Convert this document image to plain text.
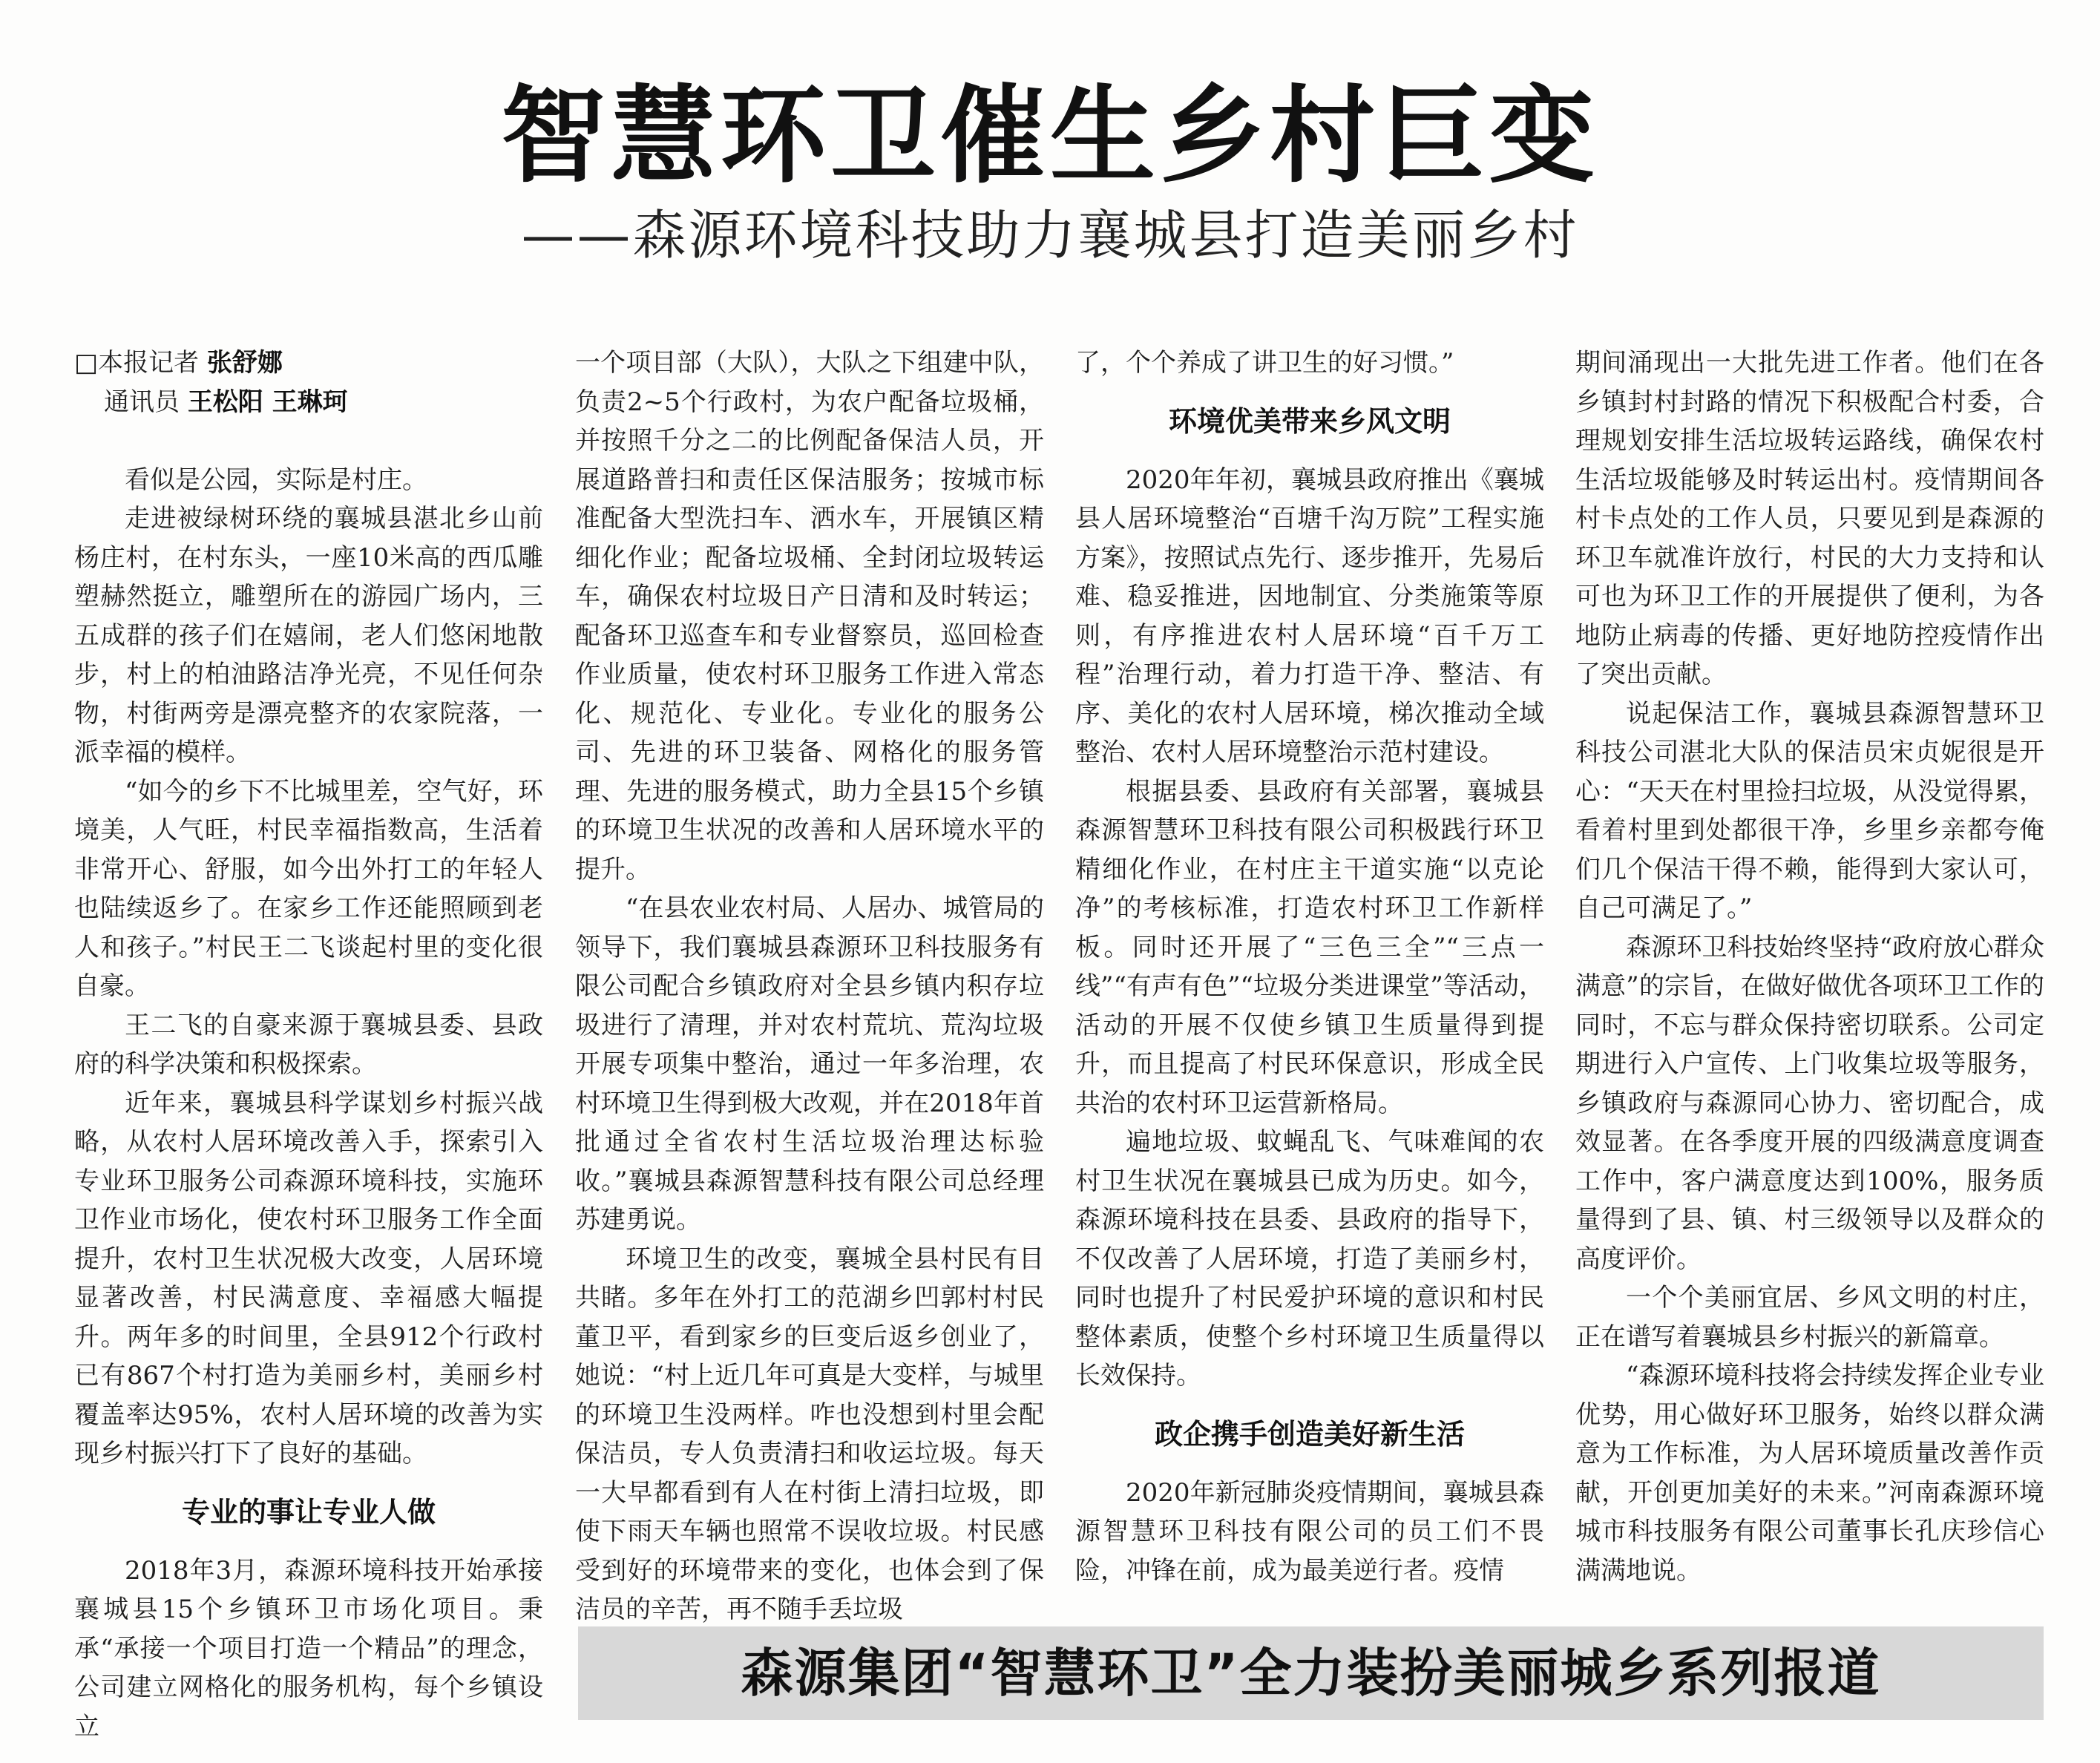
智慧环卫催生乡村巨变
——森源环境科技助力襄城县打造美丽乡村
□本报记者 张舒娜
通讯员 王松阳 王琳珂

看似是公园，实际是村庄。

走进被绿树环绕的襄城县湛北乡山前杨庄村，在村东头，一座10米高的西瓜雕塑赫然挺立，雕塑所在的游园广场内，三五成群的孩子们在嬉闹，老人们悠闲地散步，村上的柏油路洁净光亮，不见任何杂物，村街两旁是漂亮整齐的农家院落，一派幸福的模样。

“如今的乡下不比城里差，空气好，环境美，人气旺，村民幸福指数高，生活着非常开心、舒服，如今出外打工的年轻人也陆续返乡了。在家乡工作还能照顾到老人和孩子。”村民王二飞谈起村里的变化很自豪。

王二飞的自豪来源于襄城县委、县政府的科学决策和积极探索。

近年来，襄城县科学谋划乡村振兴战略，从农村人居环境改善入手，探索引入专业环卫服务公司森源环境科技，实施环卫作业市场化，使农村环卫服务工作全面提升，农村卫生状况极大改变，人居环境显著改善，村民满意度、幸福感大幅提升。两年多的时间里，全县912个行政村已有867个村打造为美丽乡村，美丽乡村覆盖率达95%，农村人居环境的改善为实现乡村振兴打下了良好的基础。

专业的事让专业人做

2018年3月，森源环境科技开始承接襄城县15个乡镇环卫市场化项目。秉承“承接一个项目打造一个精品”的理念，公司建立网格化的服务机构，每个乡镇设立

一个项目部（大队），大队之下组建中队，负责2~5个行政村，为农户配备垃圾桶，并按照千分之二的比例配备保洁人员，开展道路普扫和责任区保洁服务；按城市标准配备大型洗扫车、洒水车，开展镇区精细化作业；配备垃圾桶、全封闭垃圾转运车，确保农村垃圾日产日清和及时转运；配备环卫巡查车和专业督察员，巡回检查作业质量，使农村环卫服务工作进入常态化、规范化、专业化。专业化的服务公司、先进的环卫装备、网格化的服务管理、先进的服务模式，助力全县15个乡镇的环境卫生状况的改善和人居环境水平的提升。

“在县农业农村局、人居办、城管局的领导下，我们襄城县森源环卫科技服务有限公司配合乡镇政府对全县乡镇内积存垃圾进行了清理，并对农村荒坑、荒沟垃圾开展专项集中整治，通过一年多治理，农村环境卫生得到极大改观，并在2018年首批通过全省农村生活垃圾治理达标验收。”襄城县森源智慧科技有限公司总经理苏建勇说。

环境卫生的改变，襄城全县村民有目共睹。多年在外打工的范湖乡凹郭村村民董卫平，看到家乡的巨变后返乡创业了，她说：“村上近几年可真是大变样，与城里的环境卫生没两样。咋也没想到村里会配保洁员，专人负责清扫和收运垃圾。每天一大早都看到有人在村街上清扫垃圾，即使下雨天车辆也照常不误收垃圾。村民感受到好的环境带来的变化，也体会到了保洁员的辛苦，再不随手丢垃圾

了，个个养成了讲卫生的好习惯。”

环境优美带来乡风文明

2020年年初，襄城县政府推出《襄城县人居环境整治“百塘千沟万院”工程实施方案》，按照试点先行、逐步推开，先易后难、稳妥推进，因地制宜、分类施策等原则，有序推进农村人居环境“百千万工程”治理行动，着力打造干净、整洁、有序、美化的农村人居环境，梯次推动全域整治、农村人居环境整治示范村建设。

根据县委、县政府有关部署，襄城县森源智慧环卫科技有限公司积极践行环卫精细化作业，在村庄主干道实施“以克论净”的考核标准，打造农村环卫工作新样板。同时还开展了“三色三全”“三点一线”“有声有色”“垃圾分类进课堂”等活动，活动的开展不仅使乡镇卫生质量得到提升，而且提高了村民环保意识，形成全民共治的农村环卫运营新格局。

遍地垃圾、蚊蝇乱飞、气味难闻的农村卫生状况在襄城县已成为历史。如今，森源环境科技在县委、县政府的指导下，不仅改善了人居环境，打造了美丽乡村，同时也提升了村民爱护环境的意识和村民整体素质，使整个乡村环境卫生质量得以长效保持。

政企携手创造美好新生活

2020年新冠肺炎疫情期间，襄城县森源智慧环卫科技有限公司的员工们不畏险，冲锋在前，成为最美逆行者。疫情

期间涌现出一大批先进工作者。他们在各乡镇封村封路的情况下积极配合村委，合理规划安排生活垃圾转运路线，确保农村生活垃圾能够及时转运出村。疫情期间各村卡点处的工作人员，只要见到是森源的环卫车就准许放行，村民的大力支持和认可也为环卫工作的开展提供了便利，为各地防止病毒的传播、更好地防控疫情作出了突出贡献。

说起保洁工作，襄城县森源智慧环卫科技公司湛北大队的保洁员宋贞妮很是开心：“天天在村里捡扫垃圾，从没觉得累，看着村里到处都很干净，乡里乡亲都夸俺们几个保洁干得不赖，能得到大家认可，自己可满足了。”

森源环卫科技始终坚持“政府放心群众满意”的宗旨，在做好做优各项环卫工作的同时，不忘与群众保持密切联系。公司定期进行入户宣传、上门收集垃圾等服务，乡镇政府与森源同心协力、密切配合，成效显著。在各季度开展的四级满意度调查工作中，客户满意度达到100%，服务质量得到了县、镇、村三级领导以及群众的高度评价。

一个个美丽宜居、乡风文明的村庄，正在谱写着襄城县乡村振兴的新篇章。

“森源环境科技将会持续发挥企业专业优势，用心做好环卫服务，始终以群众满意为工作标准，为人居环境质量改善作贡献，开创更加美好的未来。”河南森源环境城市科技服务有限公司董事长孔庆珍信心满满地说。

森源集团“智慧环卫”全力装扮美丽城乡系列报道
